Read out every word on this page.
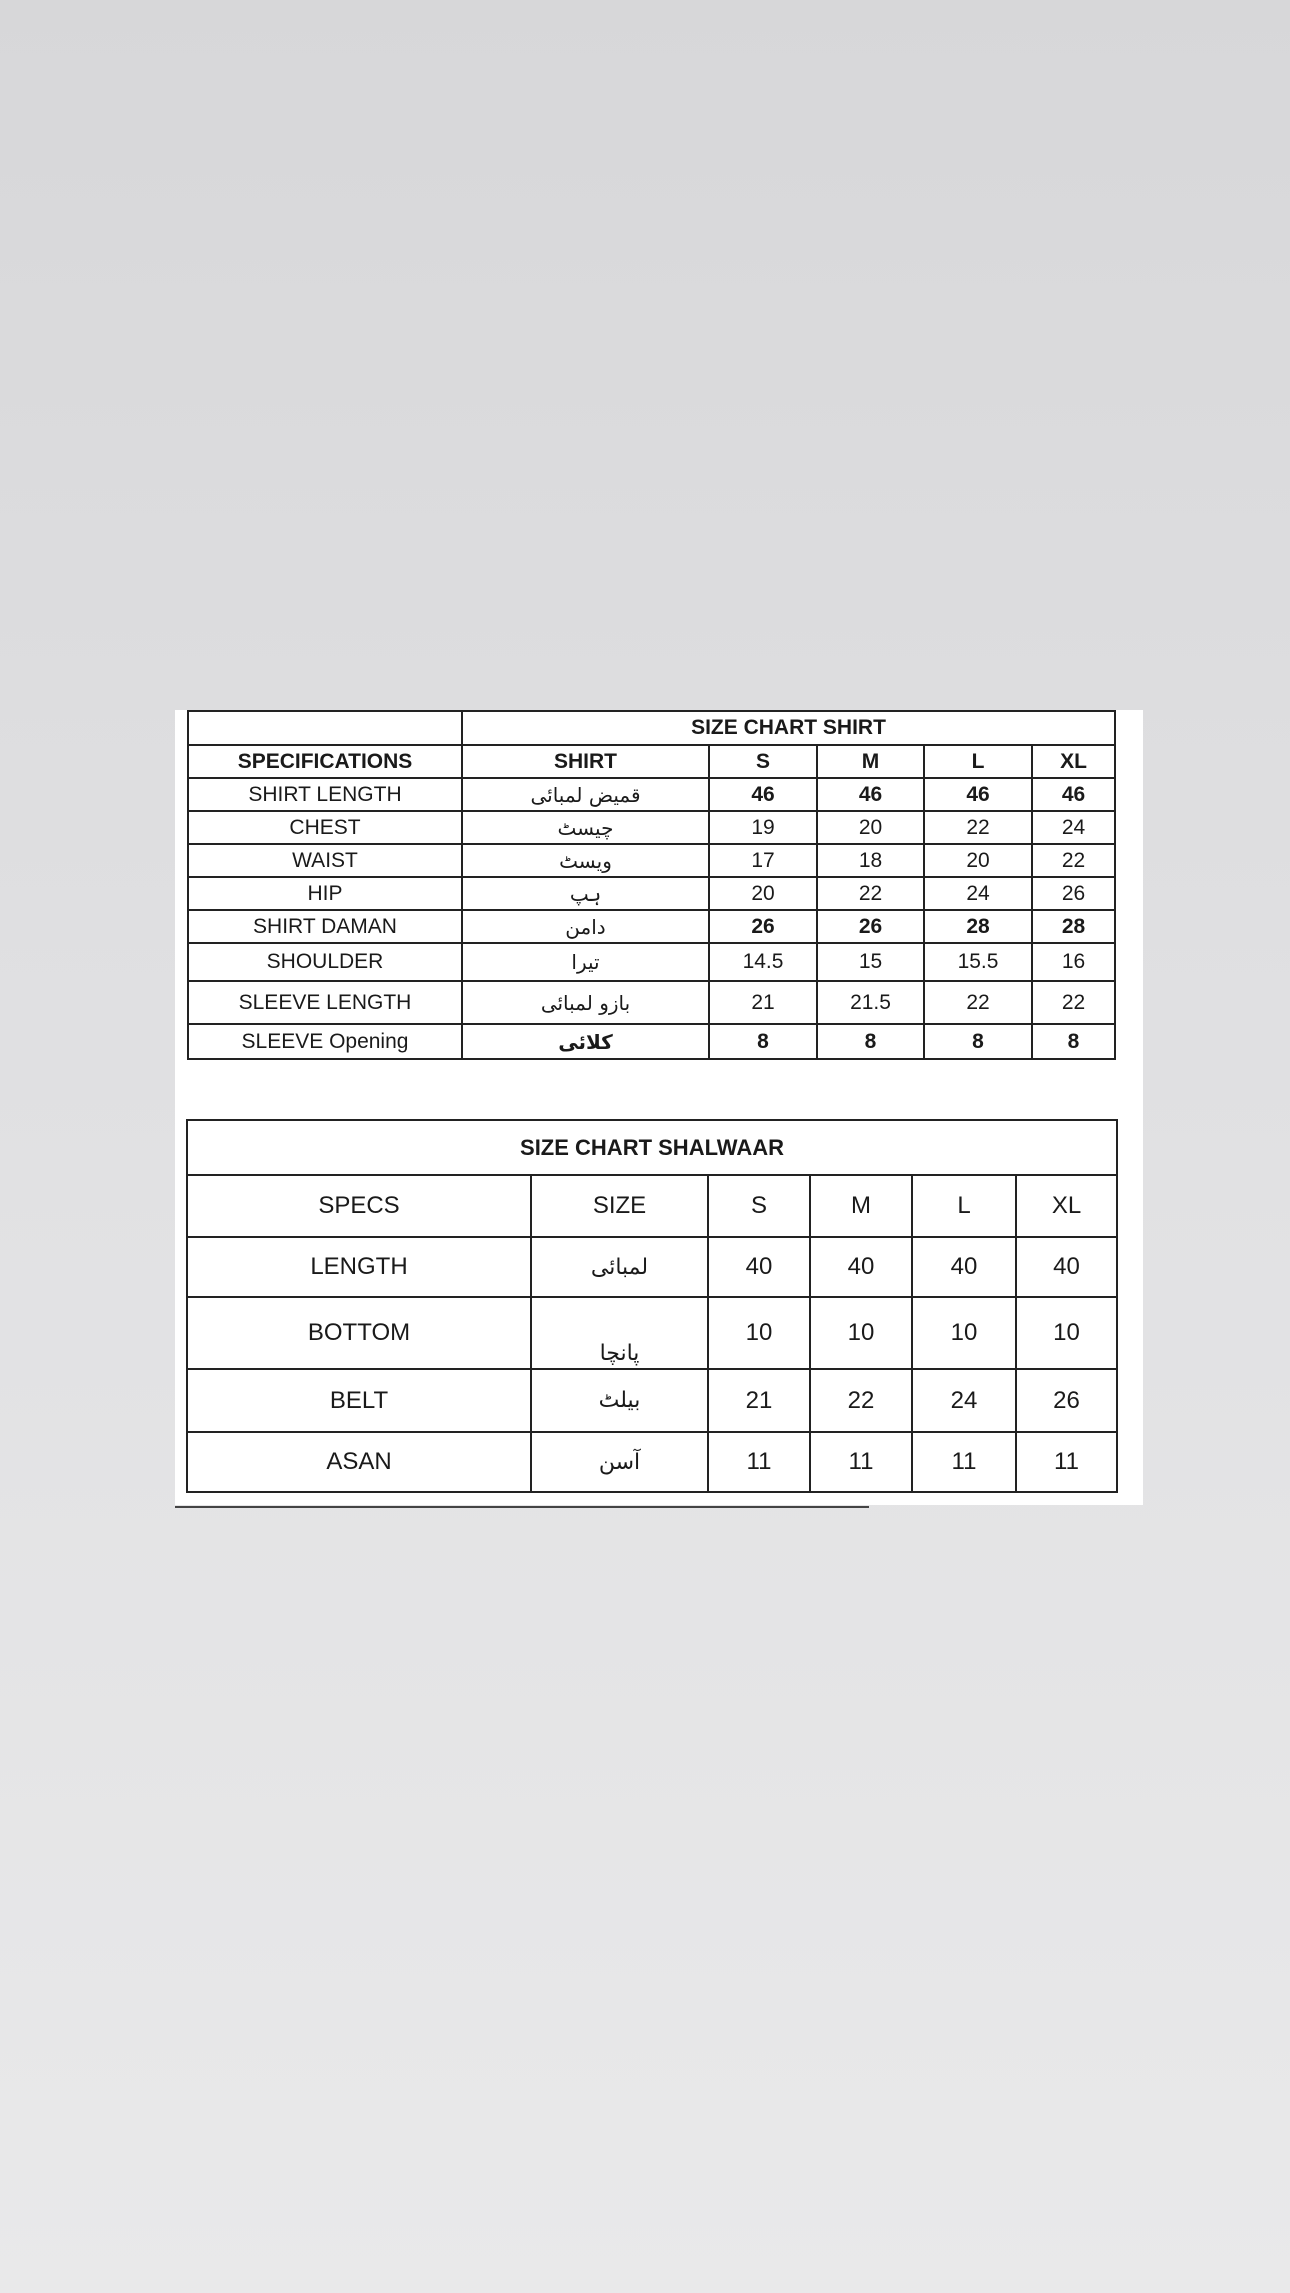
	SIZE CHART SHIRT				
SPECIFICATIONS	SHIRT	S	M	L	XL
SHIRT LENGTH	قمیض لمبائی	46	46	46	46
CHEST	چیسٹ	19	20	22	24
WAIST	ویسٹ	17	18	20	22
HIP	ہپ	20	22	24	26
SHIRT DAMAN	دامن	26	26	28	28
SHOULDER	تیرا	14.5	15	15.5	16
SLEEVE LENGTH	بازو لمبائی	21	21.5	22	22
SLEEVE Opening	کلائی	8	8	8	8
SIZE CHART SHALWAAR					
SPECS	SIZE	S	M	L	XL
LENGTH	لمبائی	40	40	40	40
BOTTOM	پانچا	10	10	10	10
BELT	بیلٹ	21	22	24	26
ASAN	آسن	11	11	11	11
